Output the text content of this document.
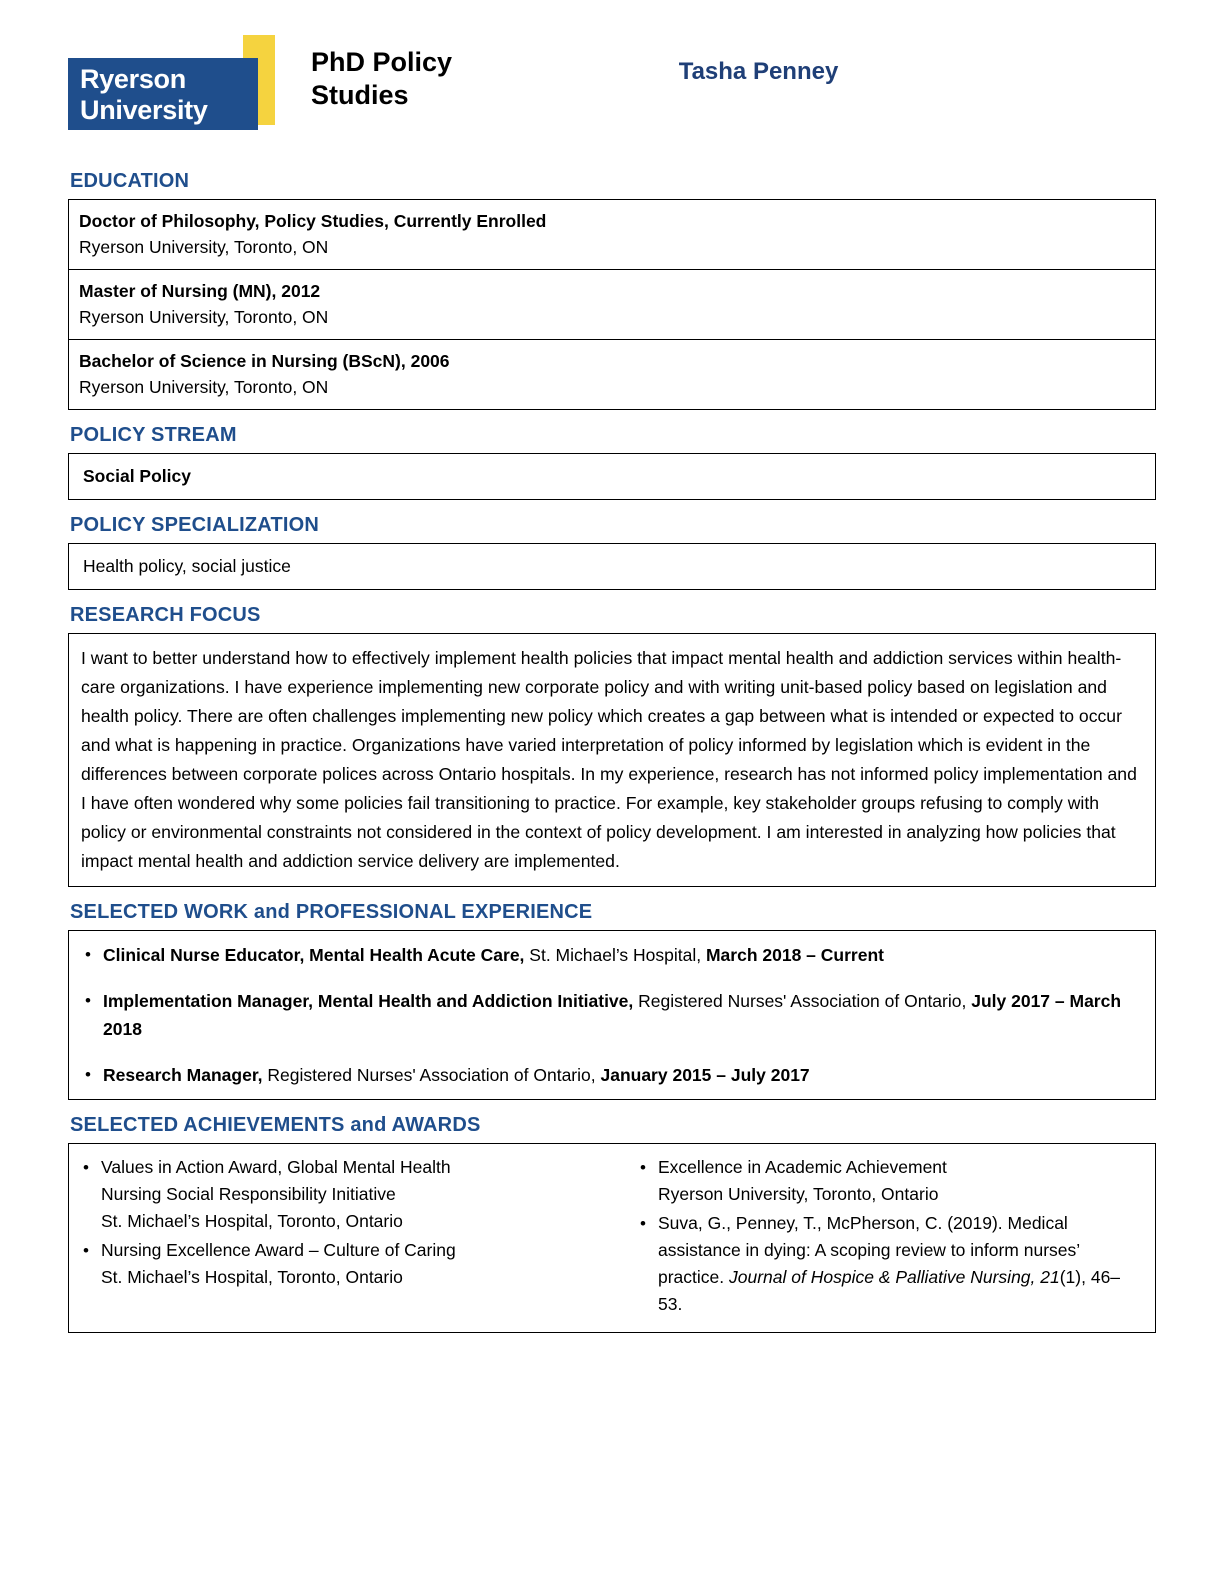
Ryerson
University
PhD Policy Studies
Tasha Penney
EDUCATION
Doctor of Philosophy, Policy Studies, Currently Enrolled
Ryerson University, Toronto, ON
Master of Nursing (MN), 2012
Ryerson University, Toronto, ON
Bachelor of Science in Nursing (BScN), 2006
Ryerson University, Toronto, ON
POLICY STREAM
Social Policy
POLICY SPECIALIZATION
Health policy, social justice
RESEARCH FOCUS
I want to better understand how to effectively implement health policies that impact mental health and addiction services within health-care organizations. I have experience implementing new corporate policy and with writing unit-based policy based on legislation and health policy. There are often challenges implementing new policy which creates a gap between what is intended or expected to occur and what is happening in practice. Organizations have varied interpretation of policy informed by legislation which is evident in the differences between corporate polices across Ontario hospitals. In my experience, research has not informed policy implementation and I have often wondered why some policies fail transitioning to practice. For example, key stakeholder groups refusing to comply with policy or environmental constraints not considered in the context of policy development. I am interested in analyzing how policies that impact mental health and addiction service delivery are implemented.
SELECTED WORK and PROFESSIONAL EXPERIENCE
• Clinical Nurse Educator, Mental Health Acute Care, St. Michael’s Hospital, March 2018 – Current
• Implementation Manager, Mental Health and Addiction Initiative, Registered Nurses' Association of Ontario, July 2017 – March 2018
• Research Manager, Registered Nurses' Association of Ontario, January 2015 – July 2017
SELECTED ACHIEVEMENTS and AWARDS
• Values in Action Award, Global Mental Health
Nursing Social Responsibility Initiative
St. Michael’s Hospital, Toronto, Ontario
• Nursing Excellence Award – Culture of Caring
St. Michael’s Hospital, Toronto, Ontario
• Excellence in Academic Achievement
Ryerson University, Toronto, Ontario
• Suva, G., Penney, T., McPherson, C. (2019). Medical assistance in dying: A scoping review to inform nurses’ practice. Journal of Hospice & Palliative Nursing, 21(1), 46–53.
